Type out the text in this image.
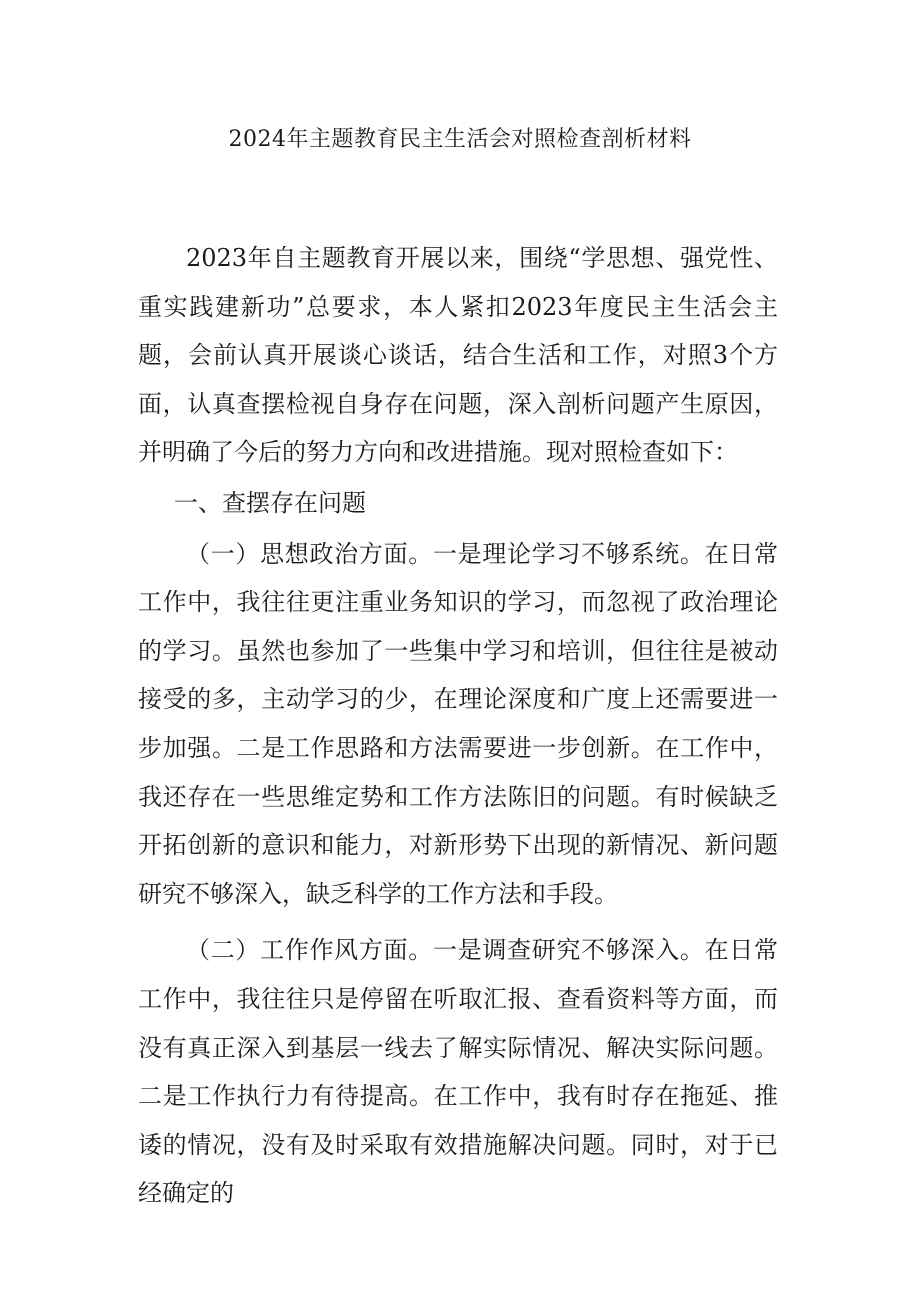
2024年主题教育民主生活会对照检查剖析材料

2023年自主题教育开展以来，围绕“学思想、强党性、重实践建新功”总要求，本人紧扣2023年度民主生活会主题，会前认真开展谈心谈话，结合生活和工作，对照3个方面，认真查摆检视自身存在问题，深入剖析问题产生原因，并明确了今后的努力方向和改进措施。现对照检查如下：

一、查摆存在问题

（一）思想政治方面。一是理论学习不够系统。在日常工作中，我往往更注重业务知识的学习，而忽视了政治理论的学习。虽然也参加了一些集中学习和培训，但往往是被动接受的多，主动学习的少，在理论深度和广度上还需要进一步加强。二是工作思路和方法需要进一步创新。在工作中，我还存在一些思维定势和工作方法陈旧的问题。有时候缺乏开拓创新的意识和能力，对新形势下出现的新情况、新问题研究不够深入，缺乏科学的工作方法和手段。

（二）工作作风方面。一是调查研究不够深入。在日常工作中，我往往只是停留在听取汇报、查看资料等方面，而没有真正深入到基层一线去了解实际情况、解决实际问题。二是工作执行力有待提高。在工作中，我有时存在拖延、推诿的情况，没有及时采取有效措施解决问题。同时，对于已经确定的
